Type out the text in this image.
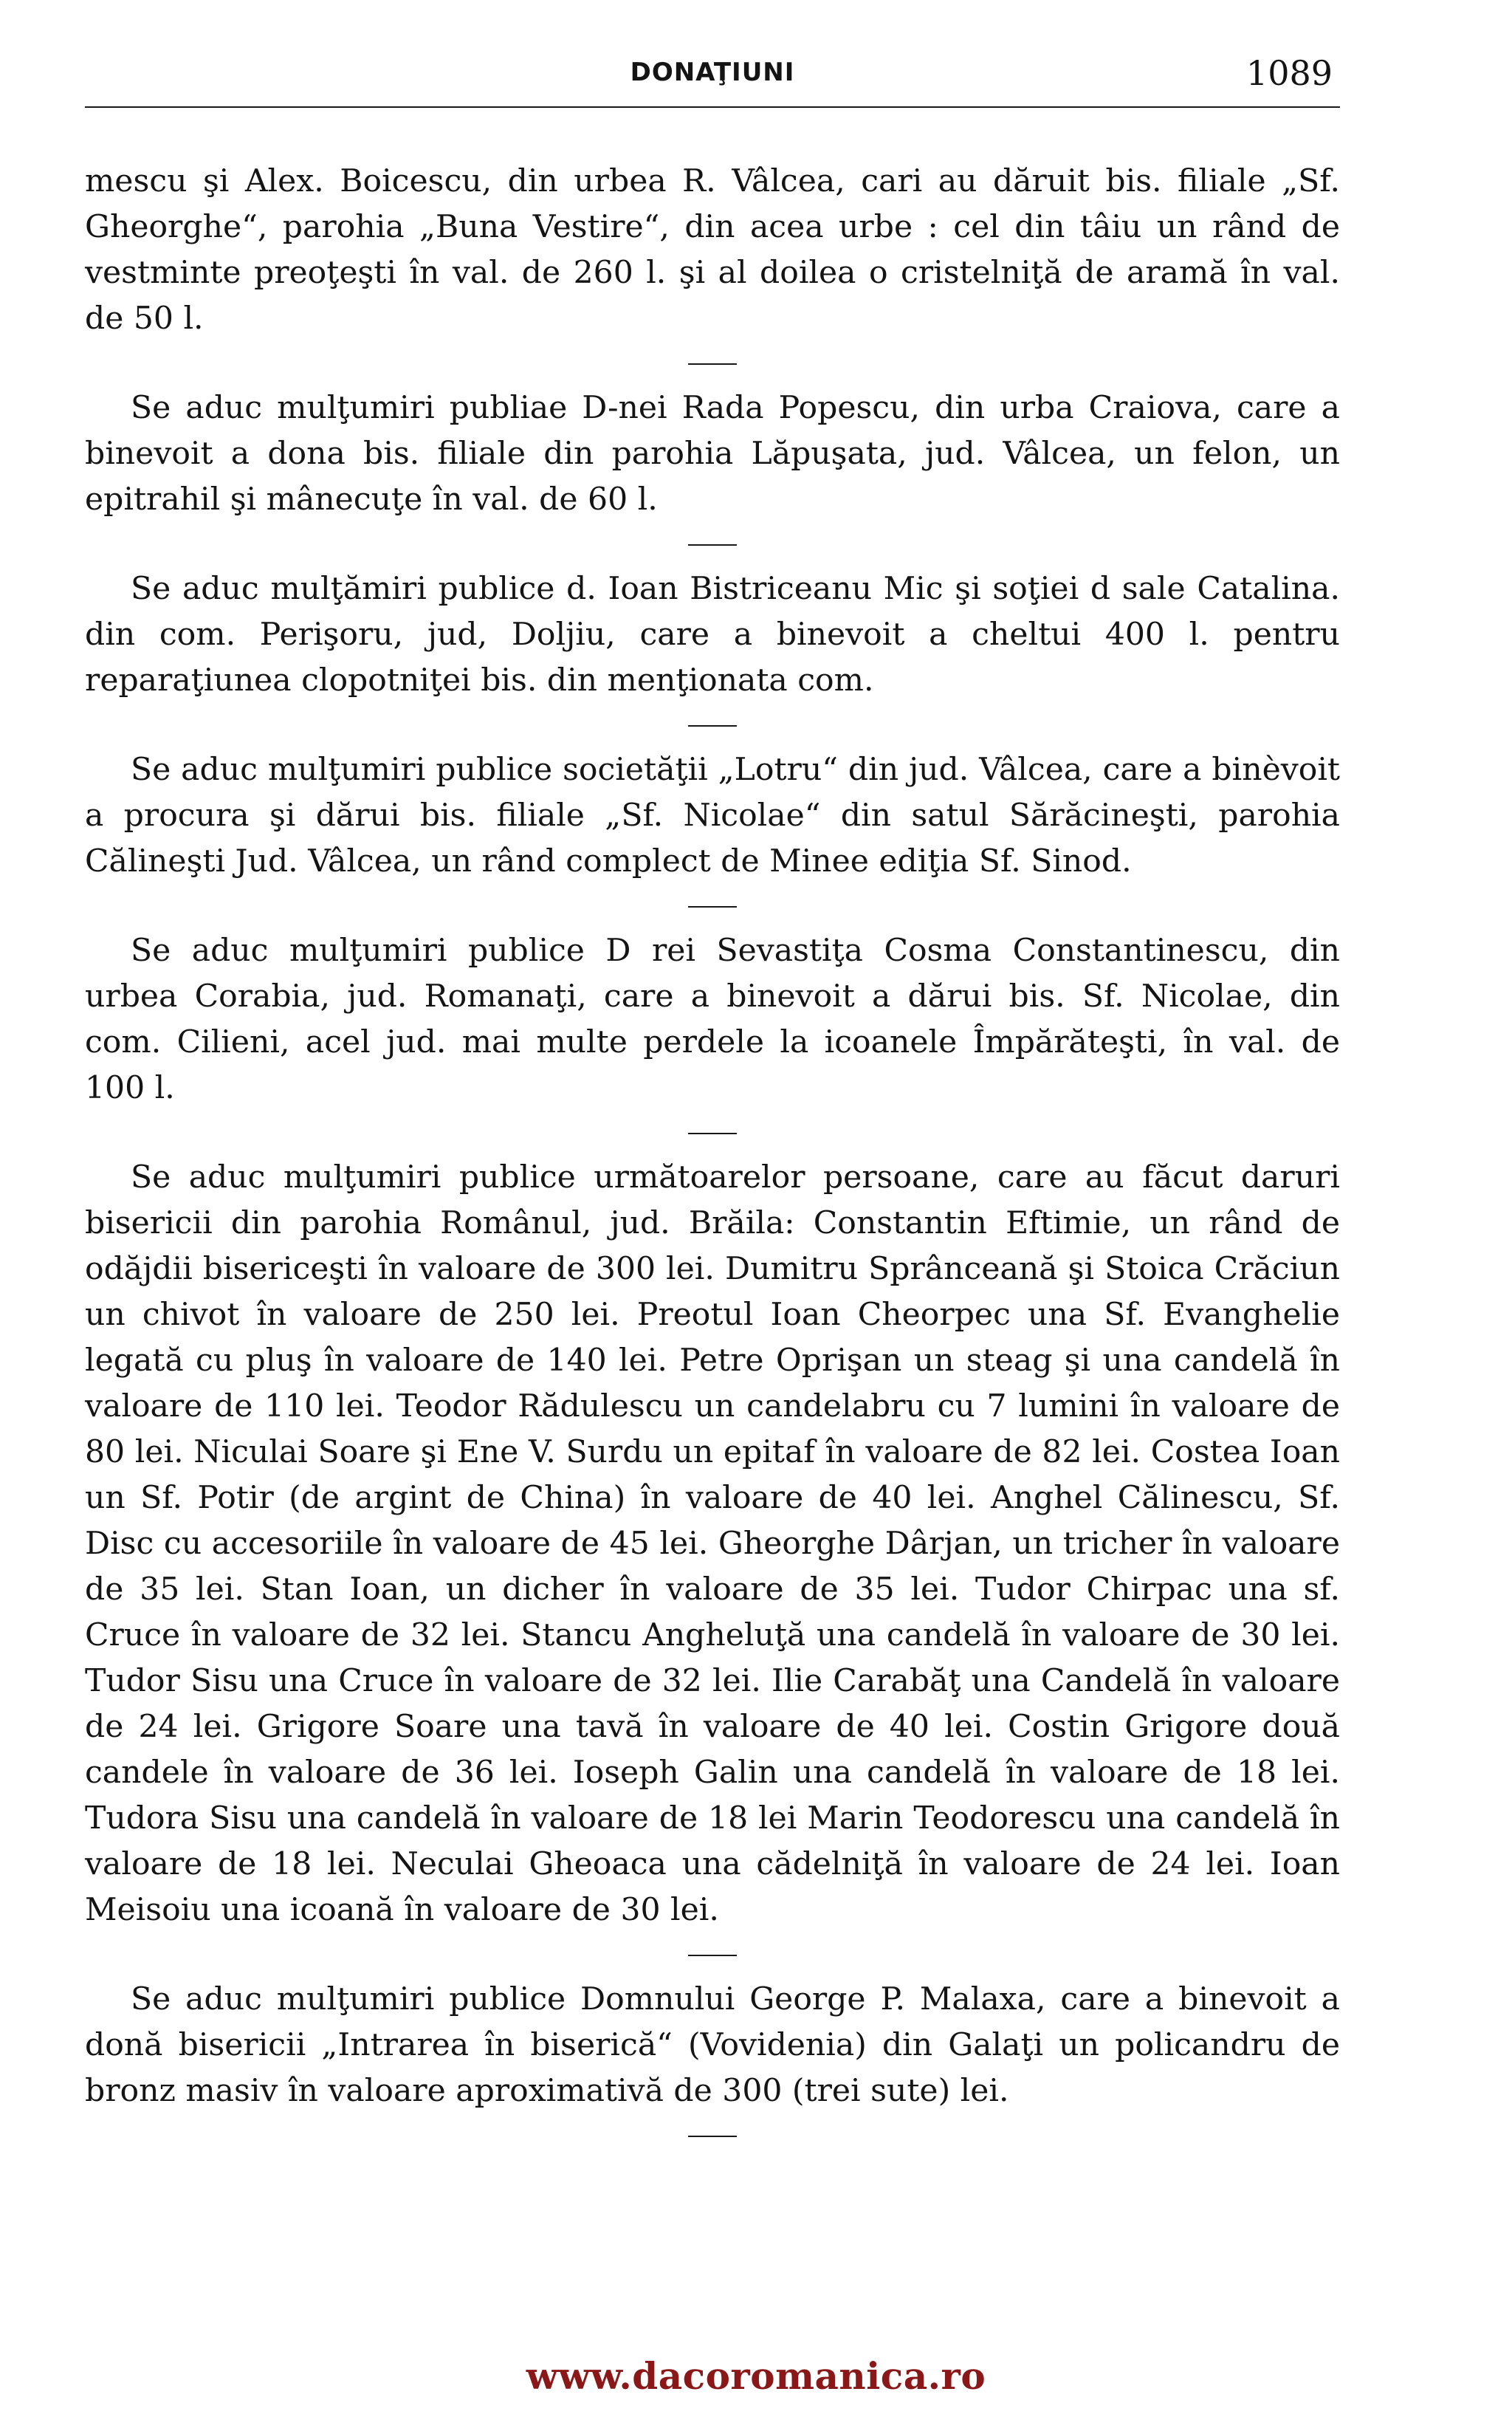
DONAŢIUNI	1089

mescu şi Alex. Boicescu, din urbea R. Vâlcea, cari au dăruit bis. filiale „Sf. Gheorghe“, parohia „Buna Vestire“, din acea urbe : cel din tâiu un rând de vestminte preoţeşti în val. de 260 l. şi al doilea o cristelniţă de aramă în val. de 50 l.

Se aduc mulţumiri publiae D-nei Rada Popescu, din urba Craiova, care a binevoit a dona bis. filiale din parohia Lăpuşata, jud. Vâlcea, un felon, un epitrahil şi mânecuţe în val. de 60 l.

Se aduc mulţămiri publice d. Ioan Bistriceanu Mic şi soţiei d sale Catalina. din com. Perişoru, jud, Doljiu, care a binevoit a cheltui 400 l. pentru reparaţiunea clopotniţei bis. din menţionata com.

Se aduc mulţumiri publice societăţii „Lotru“ din jud. Vâlcea, care a binèvoit a procura şi dărui bis. filiale „Sf. Nicolae“ din satul Sărăcineşti, parohia Călineşti Jud. Vâlcea, un rând complect de Minee ediţia Sf. Sinod.

Se aduc mulţumiri publice D rei Sevastiţa Cosma Constantinescu, din urbea Corabia, jud. Romanaţi, care a binevoit a dărui bis. Sf. Nicolae, din com. Cilieni, acel jud. mai multe perdele la icoanele Împărăteşti, în val. de 100 l.

Se aduc mulţumiri publice următoarelor persoane, care au făcut daruri bisericii din parohia Românul, jud. Brăila: Constantin Eftimie, un rând de odăjdii bisericeşti în valoare de 300 lei. Dumitru Sprânceană şi Stoica Crăciun un chivot în valoare de 250 lei. Preotul Ioan Cheorpec una Sf. Evanghelie legată cu pluş în valoare de 140 lei. Petre Oprişan un steag şi una candelă în valoare de 110 lei. Teodor Rădulescu un candelabru cu 7 lumini în valoare de 80 lei. Niculai Soare şi Ene V. Surdu un epitaf în valoare de 82 lei. Costea Ioan un Sf. Potir (de argint de China) în valoare de 40 lei. Anghel Călinescu, Sf. Disc cu accesoriile în valoare de 45 lei. Gheorghe Dârjan, un tricher în valoare de 35 lei. Stan Ioan, un dicher în valoare de 35 lei. Tudor Chirpac una sf. Cruce în valoare de 32 lei. Stancu Angheluţă una candelă în valoare de 30 lei. Tudor Sisu una Cruce în valoare de 32 lei. Ilie Carabăţ una Candelă în valoare de 24 lei. Grigore Soare una tavă în valoare de 40 lei. Costin Grigore două candele în valoare de 36 lei. Ioseph Galin una candelă în valoare de 18 lei. Tudora Sisu una candelă în valoare de 18 lei Marin Teodorescu una candelă în valoare de 18 lei. Neculai Gheoaca una cădelniţă în valoare de 24 lei. Ioan Meisoiu una icoană în valoare de 30 lei.

Se aduc mulţumiri publice Domnului George P. Malaxa, care a binevoit a donă bisericii „Intrarea în biserică“ (Vovidenia) din Galaţi un policandru de bronz masiv în valoare aproximativă de 300 (trei sute) lei.

www.dacoromanica.ro
